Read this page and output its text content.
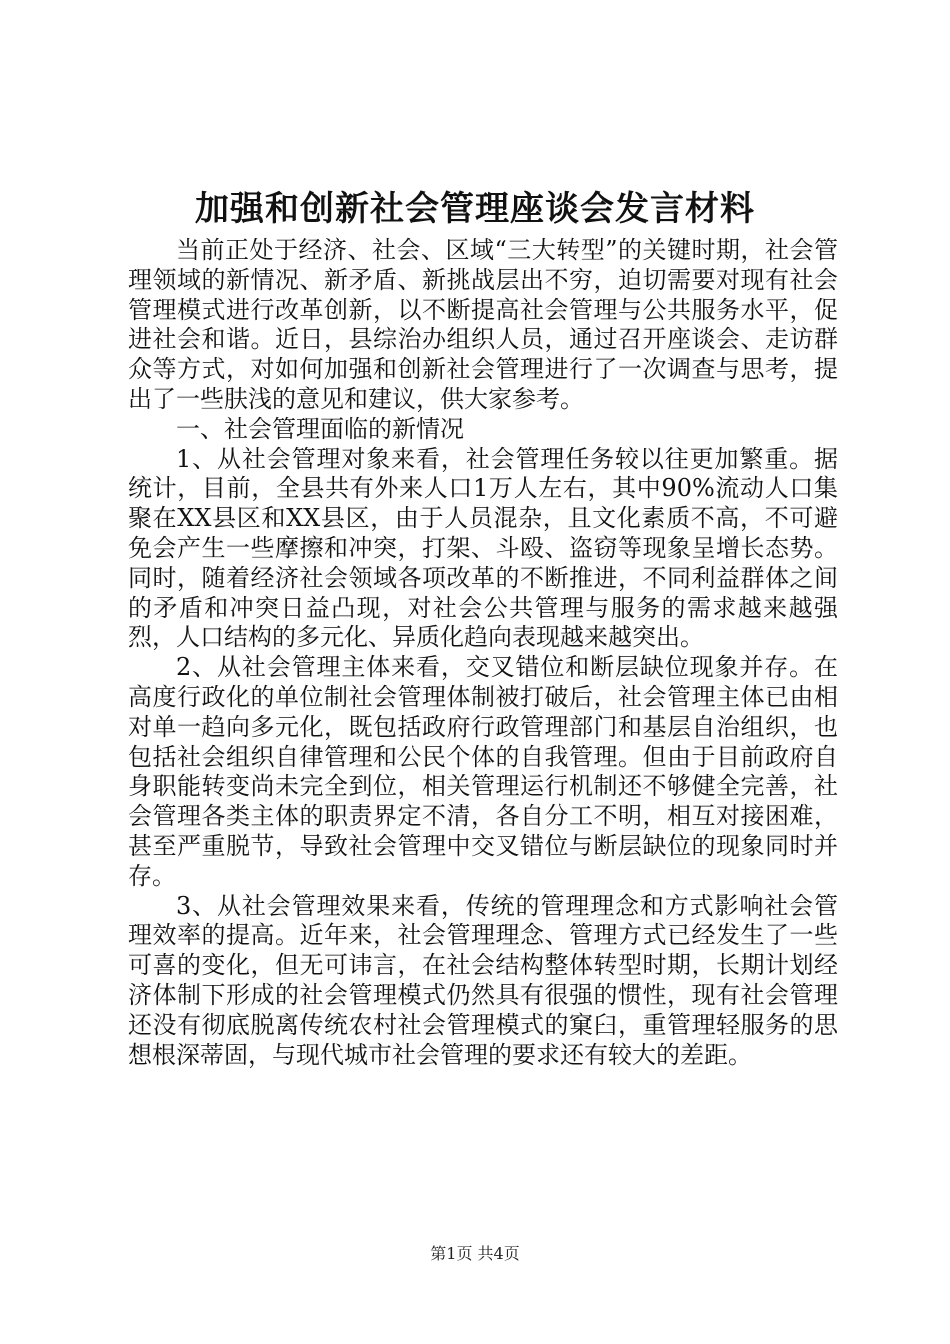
加强和创新社会管理座谈会发言材料

当前正处于经济、社会、区域“三大转型”的关键时期，社会管理领域的新情况、新矛盾、新挑战层出不穷，迫切需要对现有社会管理模式进行改革创新，以不断提高社会管理与公共服务水平，促进社会和谐。近日，县综治办组织人员，通过召开座谈会、走访群众等方式，对如何加强和创新社会管理进行了一次调查与思考，提出了一些肤浅的意见和建议，供大家参考。

一、社会管理面临的新情况

1、从社会管理对象来看，社会管理任务较以往更加繁重。据统计，目前，全县共有外来人口1万人左右，其中90%流动人口集聚在XX县区和XX县区，由于人员混杂，且文化素质不高，不可避免会产生一些摩擦和冲突，打架、斗殴、盗窃等现象呈增长态势。同时，随着经济社会领域各项改革的不断推进，不同利益群体之间的矛盾和冲突日益凸现，对社会公共管理与服务的需求越来越强烈，人口结构的多元化、异质化趋向表现越来越突出。

2、从社会管理主体来看，交叉错位和断层缺位现象并存。在高度行政化的单位制社会管理体制被打破后，社会管理主体已由相对单一趋向多元化，既包括政府行政管理部门和基层自治组织，也包括社会组织自律管理和公民个体的自我管理。但由于目前政府自身职能转变尚未完全到位，相关管理运行机制还不够健全完善，社会管理各类主体的职责界定不清，各自分工不明，相互对接困难，甚至严重脱节，导致社会管理中交叉错位与断层缺位的现象同时并存。

3、从社会管理效果来看，传统的管理理念和方式影响社会管理效率的提高。近年来，社会管理理念、管理方式已经发生了一些可喜的变化，但无可讳言，在社会结构整体转型时期，长期计划经济体制下形成的社会管理模式仍然具有很强的惯性，现有社会管理还没有彻底脱离传统农村社会管理模式的窠臼，重管理轻服务的思想根深蒂固，与现代城市社会管理的要求还有较大的差距。

第1页 共4页
